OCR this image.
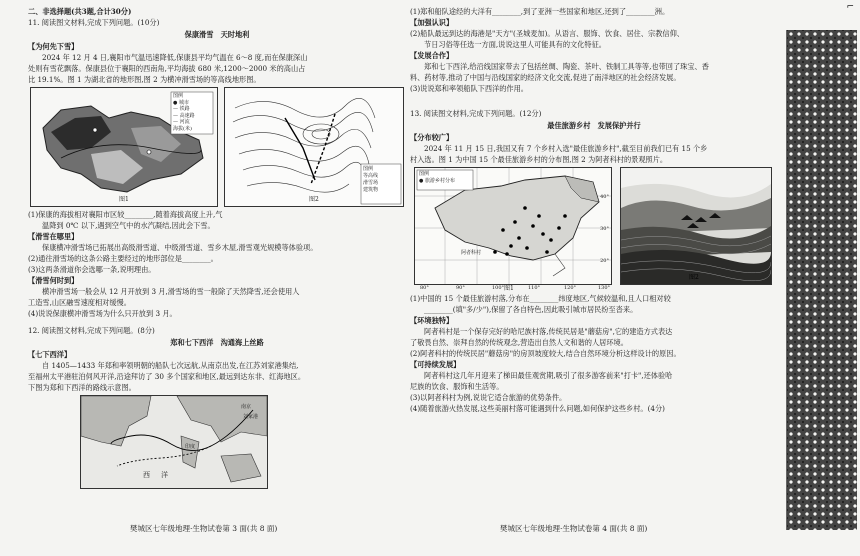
⌐
二、非选择题(共3题,合计30分)
11. 阅读图文材料,完成下列问题。(10分)
保康滑雪　天时地利
【为何先下雪】
2024 年 12 月 4 日,襄阳市气温迅速降低,保康县平均气温在 6～8 度,而在保康深山
处则有雪花飘落。保康县位于襄阳的西南角,平均海拔 680 米,1200～2000 米的高山占
比 19.1%。图 1 为湖北省的地形图,图 2 为横冲滑雪场的等高线地形图。
图例
● 城市
— 铁路
— 高速路
— 河流
海拔(米)
图1
图例
等高线
滑雪场
建筑物
图2
(1)保康的海拔相对襄阳市区较________,随着海拔高度上升,气
温降到 0℃ 以下,遇到空气中的水汽凝结,因此会下雪。
【滑雪在哪里】
保康横冲滑雪场已拓展出高级滑雪道、中级滑雪道、雪乡木屋,滑雪观光规模等体验项。
(2)通往滑雪场的这条公路主要经过的地形部位是________。
(3)这两条滑道你会选哪一条,说明理由。
【滑雪何时到】
横冲滑雪场一般会从 12 月开放到 3 月,滑雪场的雪一般除了天然降雪,还会使用人
工造雪,山区融雪速度相对缓慢。
(4)说说保康横冲滑雪场为什么只开放到 3 月。
12. 阅读图文材料,完成下列问题。(8分)
郑和七下西洋　沟通海上丝路
【七下西洋】
自 1405—1433 年郑和率领明朝的船队七次远航,从南京出发,在江苏刘家港集结,
至福州太平港驻泊伺风开洋,沿途拜访了 30 多个国家和地区,最远到达东非、红海地区。
下图为郑和下西洋的路线示意图。
南京
刘家港
西 洋
印度
樊城区七年级地理·生物试卷第 3 面(共 8 面)
(1)郑和船队途经的大洋有________,到了亚洲一些国家和地区,还到了________洲。
【加强认识】
(2)船队最远到达的海港是"天方"(圣城麦加)。从语言、服饰、饮食、居住、宗教信仰、
节日习俗等任选一方面,说说这里人可能具有的文化特征。
【发展合作】
郑和七下西洋,给沿线国家带去了包括丝绸、陶瓷、茶叶、铁制工具等等,也带回了珠宝、香
料、药材等,推动了中国与沿线国家的经济文化交流,促进了南洋地区的社会经济发展。
(3)说说郑和率领船队下西洋的作用。
13. 阅读图文材料,完成下列问题。(12分)
最佳旅游乡村　发展保护并行
【分布较广】
2024 年 11 月 15 日,我国又有 7 个乡村入选"最佳旅游乡村",截至目前我们已有 15 个乡
村入选。图 1 为中国 15 个最佳旅游乡村的分布图,图 2 为阿者科村的景观照片。
图例
● 旅游乡村分布
阿者科村
40°
30°
20°
80°	90°	100°	110°	120°	130°
图1
图2
(1)中国的 15 个最佳旅游村落,分布在________纬度地区,气候较温和,且人口相对较
________(填"多/少"),保留了各自特色,因此吸引城市居民纷至沓来。
【环境独特】
阿者科村是一个保存完好的哈尼族村落,传统民居是"蘑菇房",它的建造方式表达
了敬畏自然、崇拜自然的传统观念,营造出自然人文和谐的人居环境。
(2)阿者科村的传统民居"蘑菇房"的房顶坡度较大,结合自然环境分析这样设计的原因。
【可持续发展】
阿者科村这几年月迎来了梯田最佳观赏期,吸引了很多游客前来"打卡",还体验哈
尼族的饮食、服饰和生活等。
(3)以阿者科村为例,说说它适合旅游的优势条件。
(4)随着旅游火热发展,这些美丽村落可能遇到什么问题,如何保护这些乡村。(4分)
樊城区七年级地理·生物试卷第 4 面(共 8 面)
